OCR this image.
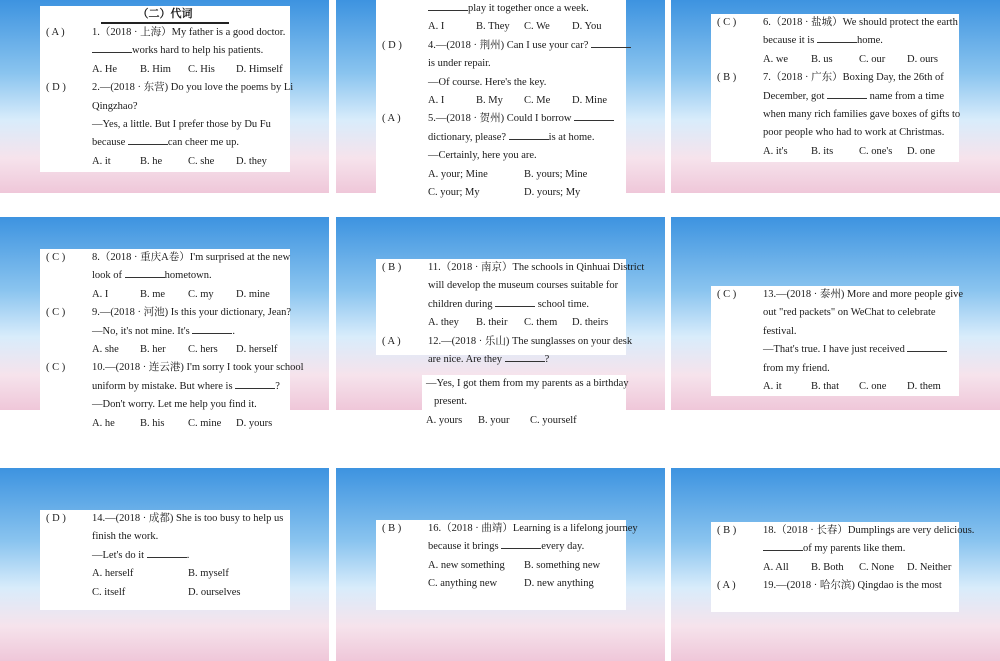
（二）代词
( A )	1.（2018 · 上海）My father is a good doctor.
works hard to help his patients.
A. He	B. Him	C. His	D. Himself
( D ) 2.—(2018 · 东营) Do you love the poems by Li
Qingzhao?
—Yes, a little. But I prefer those by Du Fu
because	can cheer me up.
A. it	B. he	C. she	D. they
play it together once a week.
A. I	B. They	C. We	D. You
( D ) 4.—(2018 · 荆州) Can I use your car?
is under repair.
—Of course. Here's the key.
A. I	B. My	C. Me	D. Mine
( A )	5.—(2018 · 贺州) Could I borrow
dictionary, please?	is at home.
—Certainly, here you are.
A. your; Mine	B. yours; Mine
C. your; My	D. yours; My
( C )	6.（2018 · 盐城）We should protect the earth
because it is	home.
A. we	B. us	C. our	D. ours
( B )	7.（2018 · 广东）Boxing Day, the 26th of
December, got	name from a time
when many rich families gave boxes of gifts to
poor people who had to work at Christmas.
A. it's	B. its	C. one's	D. one
( C )	8.（2018 · 重庆A卷）I'm surprised at the new
look of	hometown.
A. I	B. me	C. my	D. mine
( C )	9.—(2018 · 河池) Is this your dictionary, Jean?
—No, it's not mine. It's	.
A. she	B. her	C. hers	D. herself
( C )	10.—(2018 · 连云港) I'm sorry I took your school
uniform by mistake. But where is	?
—Don't worry. Let me help you find it.
A. he	B. his	C. mine	D. yours
( B )	11.（2018 · 南京）The schools in Qinhuai District
will develop the museum courses suitable for
children during	school time.
A. they	B. their	C. them	D. theirs
( A )	12.—(2018 · 乐山) The sunglasses on your desk
are nice. Are they	?
—Yes, I got them from my parents as a birthday
present.
A. yours	B. your	C. yourself
( C )	13.—(2018 · 泰州) More and more people give
out "red packets" on WeChat to celebrate
festival.
—That's true. I have just received
from my friend.
A. it	B. that	C. one	D. them
( D ) 14.—(2018 · 成都) She is too busy to help us
finish the work.
—Let's do it	.
A. herself	B. myself
C. itself	D. ourselves
( B )	16.（2018 · 曲靖）Learning is a lifelong journey
because it brings	every day.
A. new something	B. something new
C. anything new	D. new anything
( B )	18.（2018 · 长春）Dumplings are very delicious.
of my parents like them.
A. All	B. Both	C. None	D. Neither
( A )	19.—(2018 · 哈尔滨) Qingdao is the most
